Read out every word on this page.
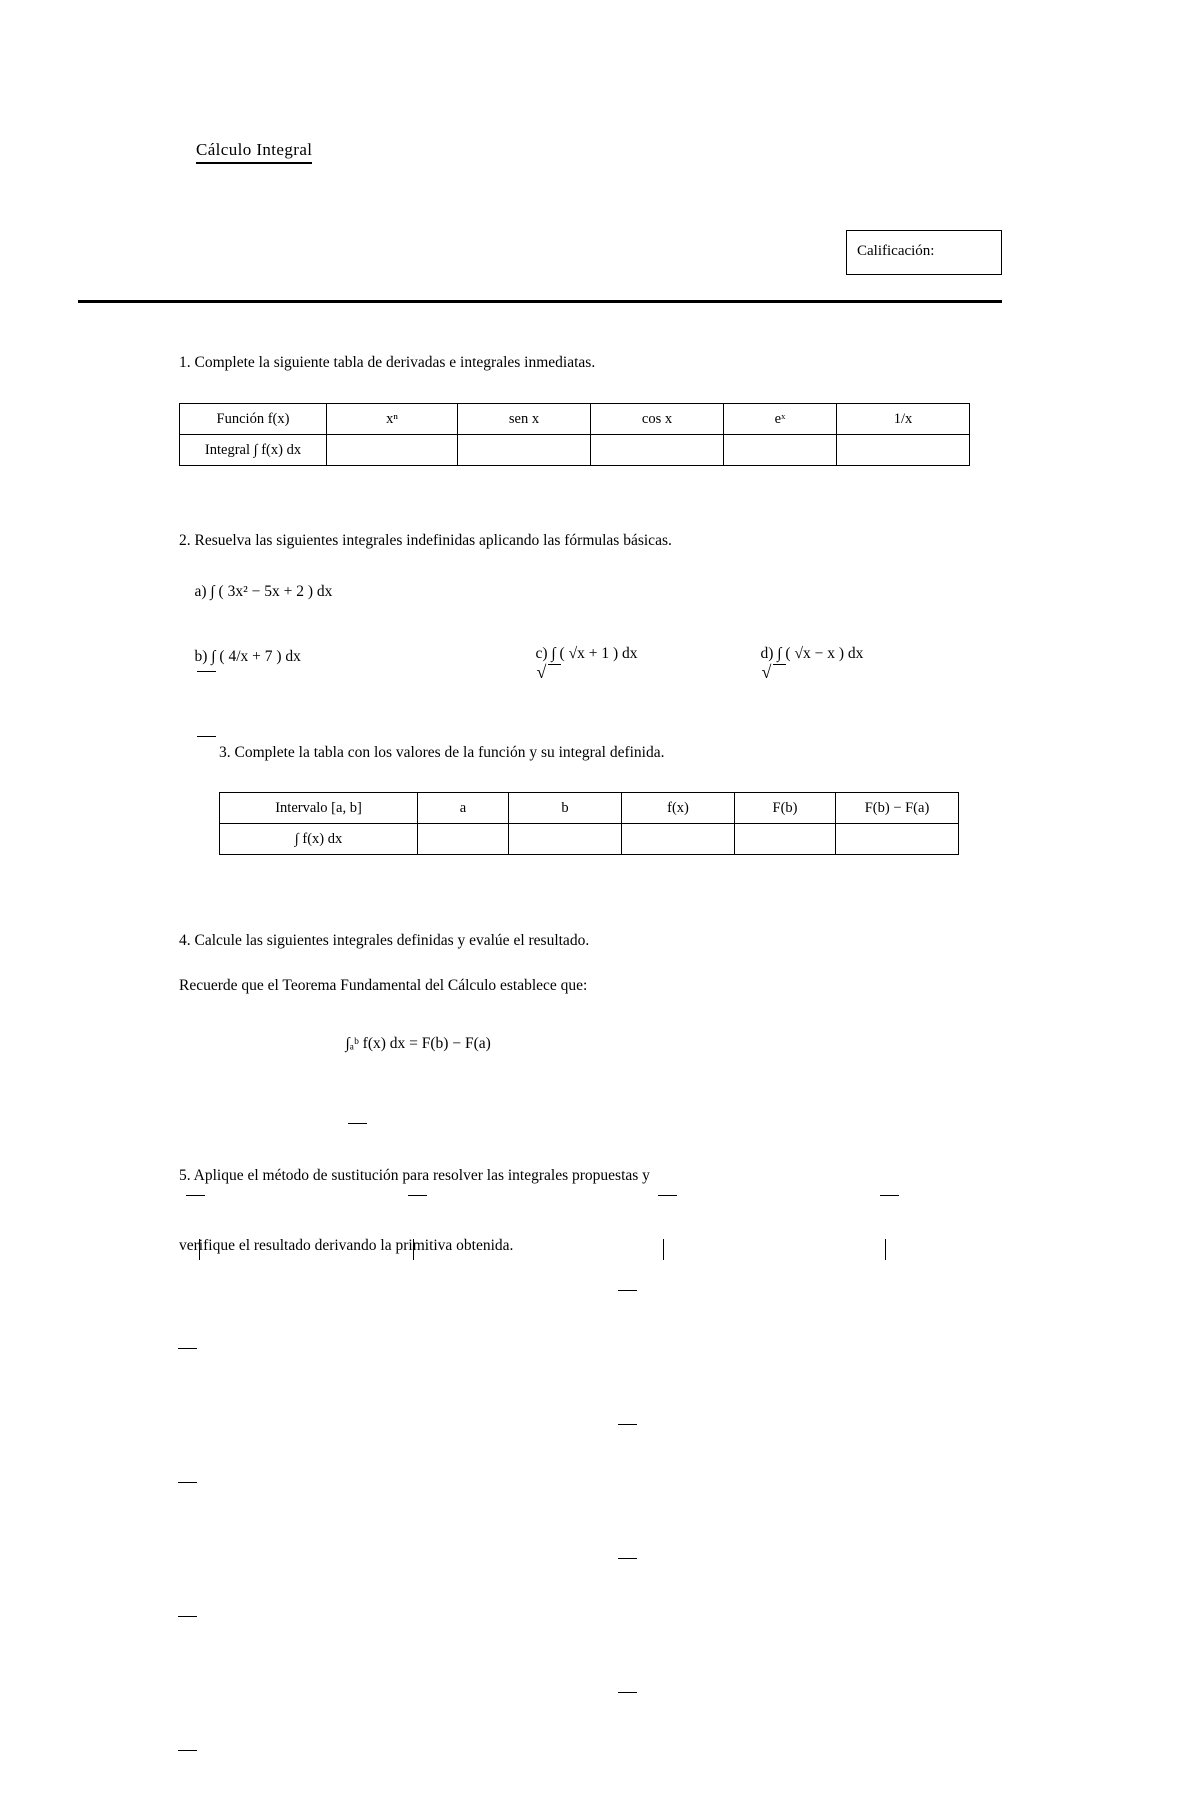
Cálculo Integral
Calificación:
1. Complete la siguiente tabla de derivadas e integrales inmediatas.
Función f(x)	xⁿ	sen x	cos x	eˣ	1/x
Integral ∫ f(x) dx					
2. Resuelva las siguientes integrales indefinidas aplicando las fórmulas básicas.

a) ∫ ( 3x² − 5x + 2 ) dx

b) ∫ ( 4/x + 7 ) dx

	c) ∫ ( √x + 1 ) dx
√
	d) ∫ ( √x − x ) dx
√

3. Complete la tabla con los valores de la función y su integral definida.
Intervalo [a, b]	a	b	f(x)	F(b)	F(b) − F(a)
∫ f(x) dx					
4. Calcule las siguientes integrales definidas y evalúe el resultado.
Recuerde que el Teorema Fundamental del Cálculo establece que:

∫ₐᵇ f(x) dx = F(b) − F(a)

5. Aplique el método de sustitución para resolver las integrales propuestas y

verifique el resultado derivando la primitiva obtenida.
